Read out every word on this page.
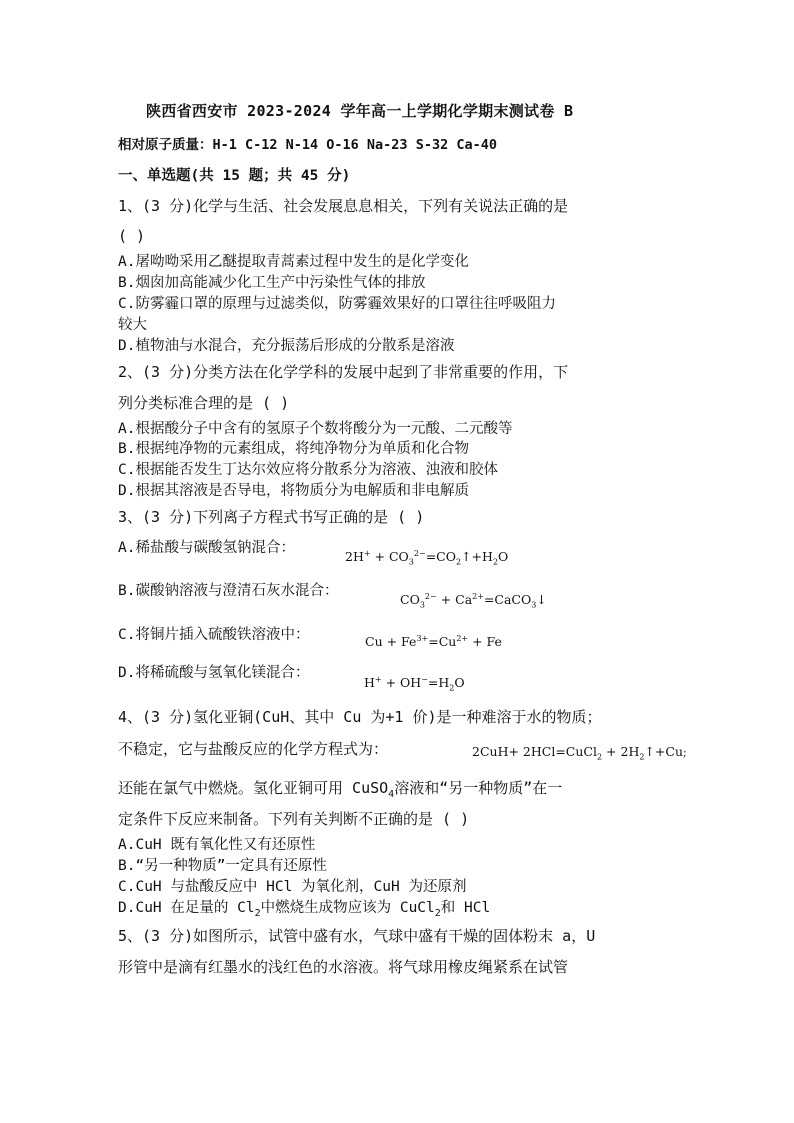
陕西省西安市 2023-2024 学年高一上学期化学期末测试卷 B
相对原子质量：H-1 C-12 N-14 O-16 Na-23 S-32 Ca-40
一、单选题(共 15 题；共 45 分)
1、(3 分)化学与生活、社会发展息息相关，下列有关说法正确的是
( )
A.屠呦呦采用乙醚提取青蒿素过程中发生的是化学变化
B.烟囱加高能减少化工生产中污染性气体的排放
C.防雾霾口罩的原理与过滤类似，防雾霾效果好的口罩往往呼吸阻力
较大
D.植物油与水混合，充分振荡后形成的分散系是溶液
2、(3 分)分类方法在化学学科的发展中起到了非常重要的作用，下
列分类标准合理的是 ( )
A.根据酸分子中含有的氢原子个数将酸分为一元酸、二元酸等
B.根据纯净物的元素组成，将纯净物分为单质和化合物
C.根据能否发生丁达尔效应将分散系分为溶液、浊液和胶体
D.根据其溶液是否导电，将物质分为电解质和非电解质
3、(3 分)下列离子方程式书写正确的是 ( )
A.稀盐酸与碳酸氢钠混合：
$2H^+ + CO_3^{2-}=CO_2↑+H_2O$
B.碳酸钠溶液与澄清石灰水混合：
$CO_3^{2-}$ + $Ca^{2+}=CaCO_3↓$
C.将铜片插入硫酸铁溶液中：	$Cu + Fe^{3+}=Cu^{2+} + Fe$
D.将稀硫酸与氢氧化镁混合：
$H^+ + OH^-=H_2O$
4、(3 分)氢化亚铜(CuH、其中 Cu 为+1 价)是一种难溶于水的物质；
不稳定，它与盐酸反应的化学方程式为：	2CuH+ 2HCl=CuCl$_2$ + $2H_2↑+Cu$;
还能在氯气中燃烧。氢化亚铜可用 CuSO$_4$溶液和“另一种物质”在一
定条件下反应来制备。下列有关判断不正确的是 ( )
A.CuH 既有氧化性又有还原性
B.“另一种物质”一定具有还原性
C.CuH 与盐酸反应中 HCl 为氧化剂，CuH 为还原剂
D.CuH 在足量的 $Cl_2$中燃烧生成物应该为 CuCl$_2$和 HCl
5、(3 分)如图所示，试管中盛有水，气球中盛有干燥的固体粉末 a，U
形管中是滴有红墨水的浅红色的水溶液。将气球用橡皮绳紧系在试管
